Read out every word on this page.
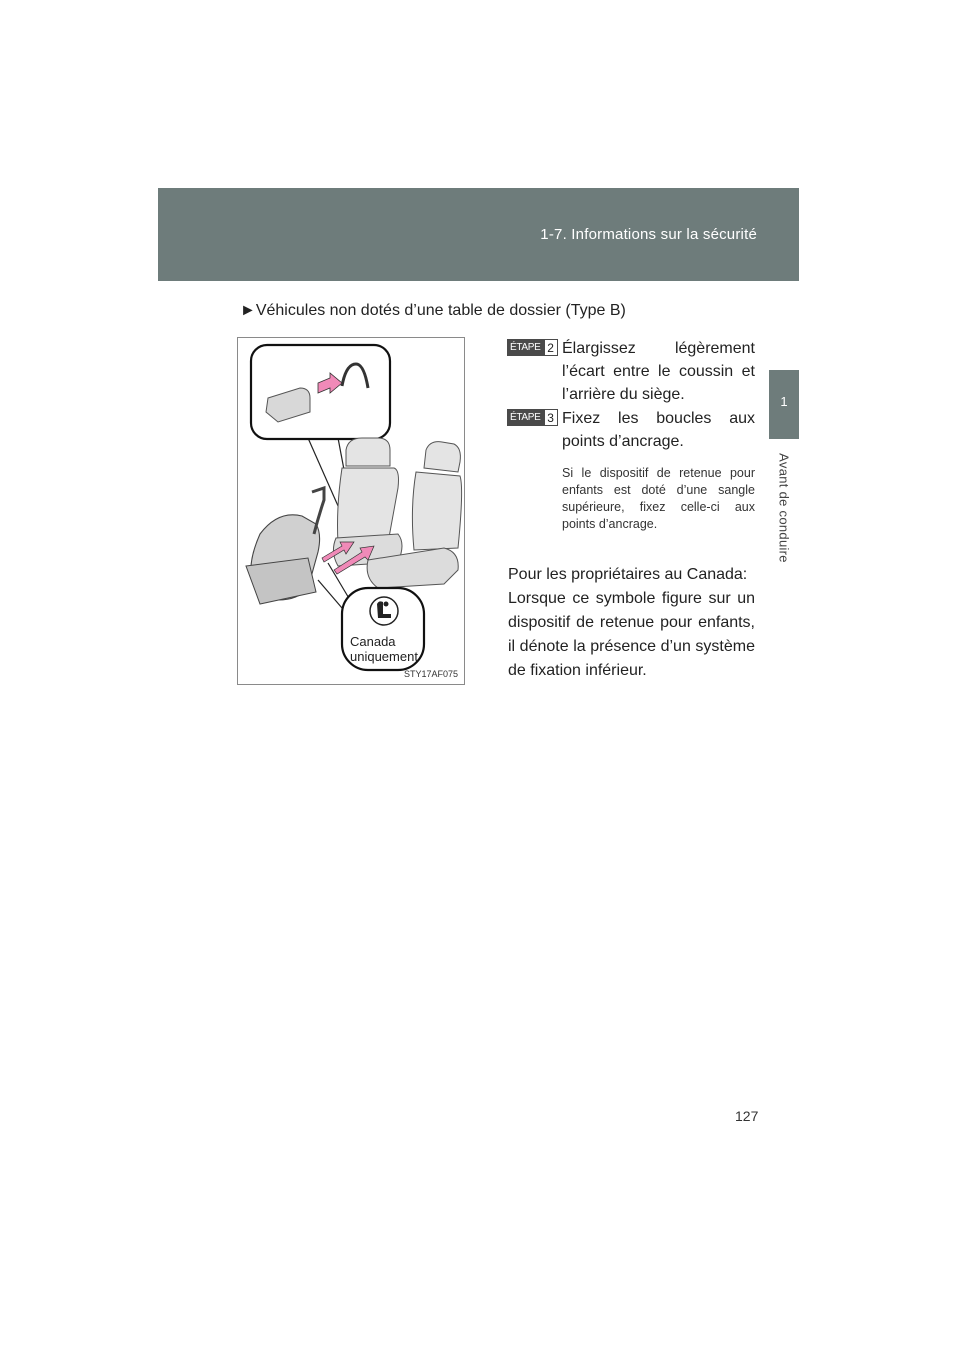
1-7. Informations sur la sécurité
1
Avant de conduire
►Véhicules non dotés d’une table de dossier (Type B)
STY17AF075
Canada
uniquement
ÉTAPE 2 Élargissez légèrement l’écart entre le coussin et l’arrière du siège.
ÉTAPE 3 Fixez les boucles aux points d’ancrage.
Si le dispositif de retenue pour enfants est doté d’une sangle supérieure, fixez celle-ci aux points d’ancrage.
Pour les propriétaires au Canada:
Lorsque ce symbole figure sur un dispositif de retenue pour enfants, il dénote la présence d’un système de fixation inférieur.
127
